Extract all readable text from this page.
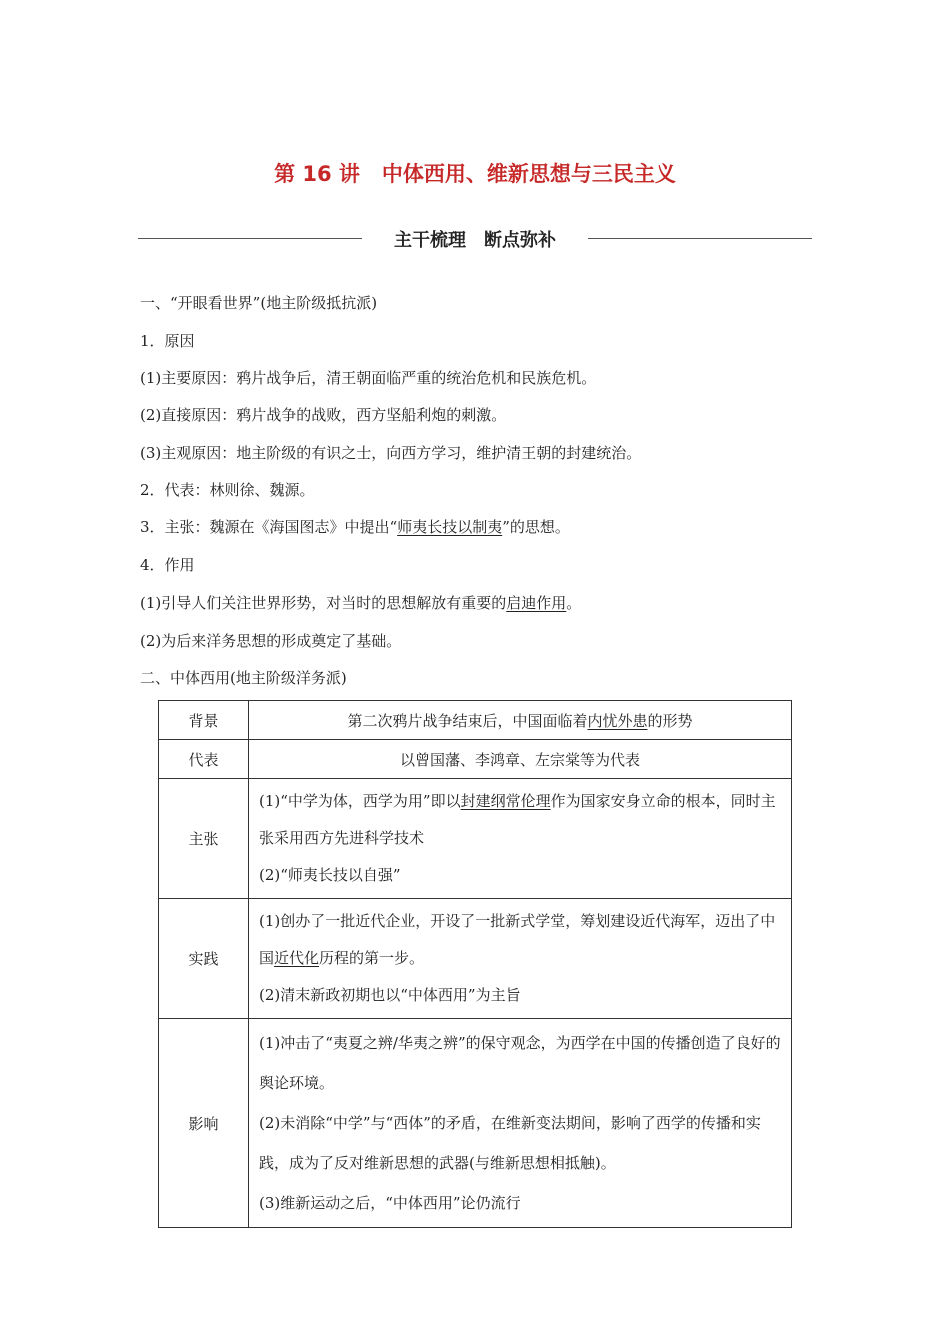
第 16 讲 中体西用、维新思想与三民主义
主干梳理 断点弥补
一、“开眼看世界”(地主阶级抵抗派)
1．原因
(1)主要原因：鸦片战争后，清王朝面临严重的统治危机和民族危机。
(2)直接原因：鸦片战争的战败，西方坚船利炮的刺激。
(3)主观原因：地主阶级的有识之士，向西方学习，维护清王朝的封建统治。
2．代表：林则徐、魏源。
3．主张：魏源在《海国图志》中提出“师夷长技以制夷”的思想。
4．作用
(1)引导人们关注世界形势，对当时的思想解放有重要的启迪作用。
(2)为后来洋务思想的形成奠定了基础。
二、中体西用(地主阶级洋务派)
背景	第二次鸦片战争结束后，中国面临着内忧外患的形势
代表	以曾国藩、李鸿章、左宗棠等为代表
主张	(1)“中学为体，西学为用”即以封建纲常伦理作为国家安身立命的根本，同时主张采用西方先进科学技术

(2)“师夷长技以自强”

实践	(1)创办了一批近代企业，开设了一批新式学堂，筹划建设近代海军，迈出了中国近代化历程的第一步。

(2)清末新政初期也以“中体西用”为主旨

影响	(1)冲击了“夷夏之辨/华夷之辨”的保守观念，为西学在中国的传播创造了良好的舆论环境。

(2)未消除“中学”与“西体”的矛盾，在维新变法期间，影响了西学的传播和实践，成为了反对维新思想的武器(与维新思想相抵触)。

(3)维新运动之后，“中体西用”论仍流行
